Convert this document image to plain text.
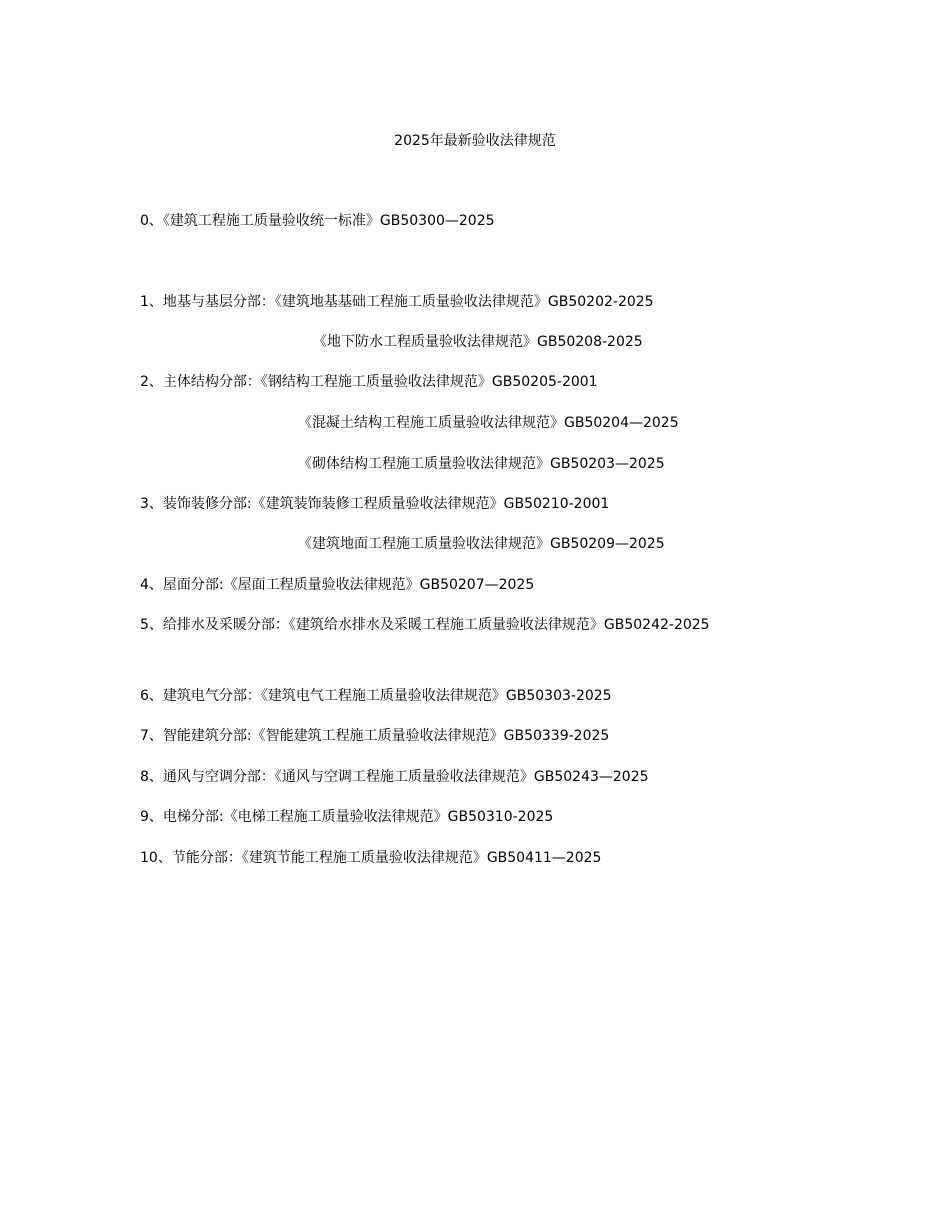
2025年最新验收法律规范
0、《建筑工程施工质量验收统一标准》GB50300—2025
1、地基与基层分部：《建筑地基基础工程施工质量验收法律规范》GB50202-2025
《地下防水工程质量验收法律规范》GB50208-2025
2、主体结构分部：《钢结构工程施工质量验收法律规范》GB50205-2001
《混凝土结构工程施工质量验收法律规范》GB50204—2025
《砌体结构工程施工质量验收法律规范》GB50203—2025
3、装饰装修分部:《建筑装饰装修工程质量验收法律规范》GB50210-2001
《建筑地面工程施工质量验收法律规范》GB50209—2025
4、屋面分部:《屋面工程质量验收法律规范》GB50207—2025
5、给排水及采暖分部：《建筑给水排水及采暖工程施工质量验收法律规范》GB50242-2025
6、建筑电气分部：《建筑电气工程施工质量验收法律规范》GB50303-2025
7、智能建筑分部:《智能建筑工程施工质量验收法律规范》GB50339-2025
8、通风与空调分部：《通风与空调工程施工质量验收法律规范》GB50243—2025
9、电梯分部:《电梯工程施工质量验收法律规范》GB50310-2025
10、节能分部：《建筑节能工程施工质量验收法律规范》GB50411—2025
